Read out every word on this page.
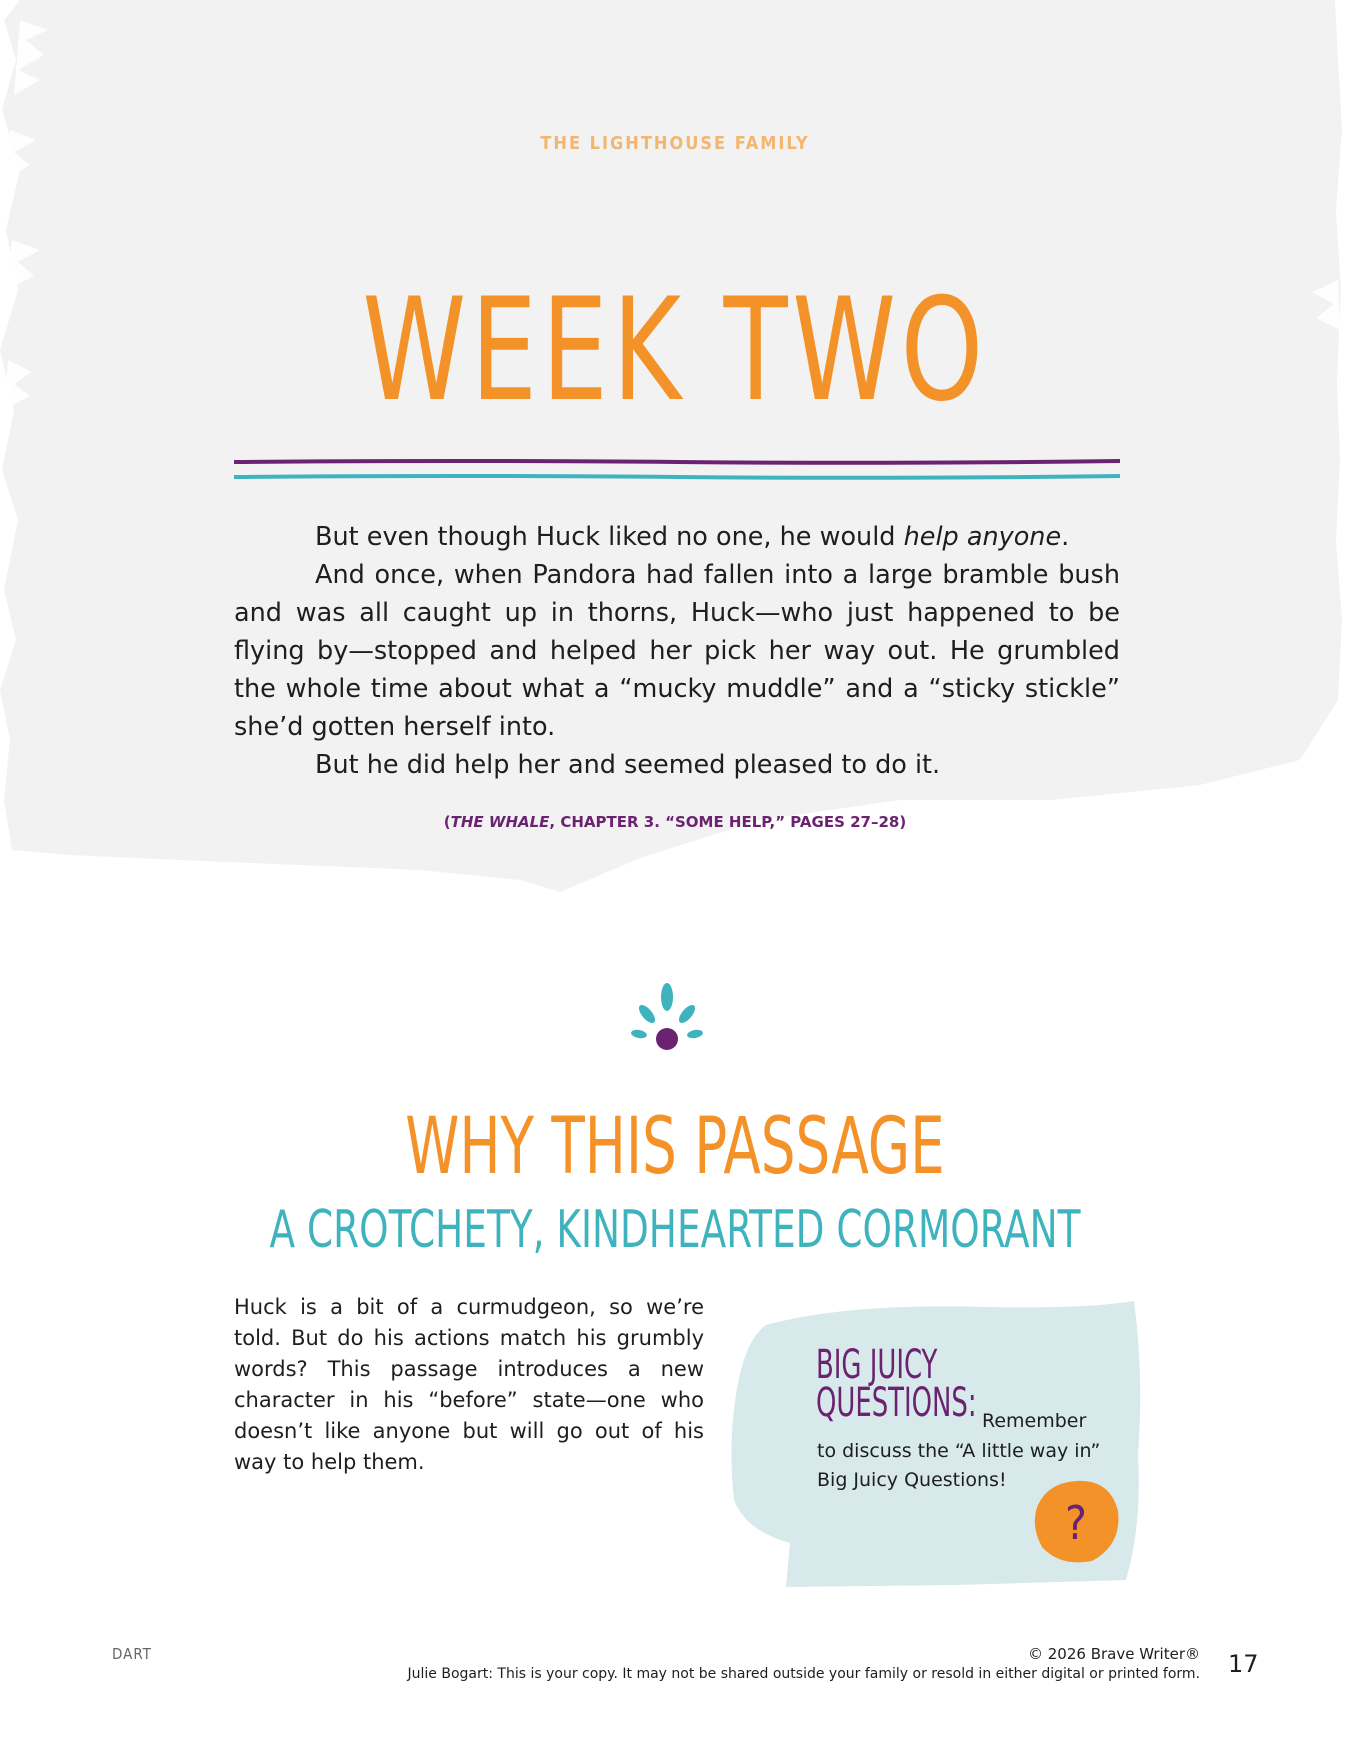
THE LIGHTHOUSE FAMILY
WEEK TWO

But even though Huck liked no one, he would help anyone.

And once, when Pandora had fallen into a large bramble bush and was all caught up in thorns, Huck—who just happened to be flying by—stopped and helped her pick her way out. He grumbled the whole time about what a “mucky muddle” and a “sticky stickle” she’d gotten herself into.

But he did help her and seemed pleased to do it.

(THE WHALE, CHAPTER 3. “SOME HELP,” PAGES 27–28)
WHY THIS PASSAGE
A CROTCHETY, KINDHEARTED CORMORANT
Huck is a bit of a curmudgeon, so we’re told. But do his actions match his grumbly words? This passage introduces a new character in his “before” state—one who doesn’t like anyone but will go out of his way to help them.
BIG JUICY
QUESTIONS: Remember
to discuss the “A little way in” Big Juicy Questions!
?
DART	© 2026 Brave Writer®
Julie Bogart: This is your copy. It may not be shared outside your family or resold in either digital or printed form. 17
